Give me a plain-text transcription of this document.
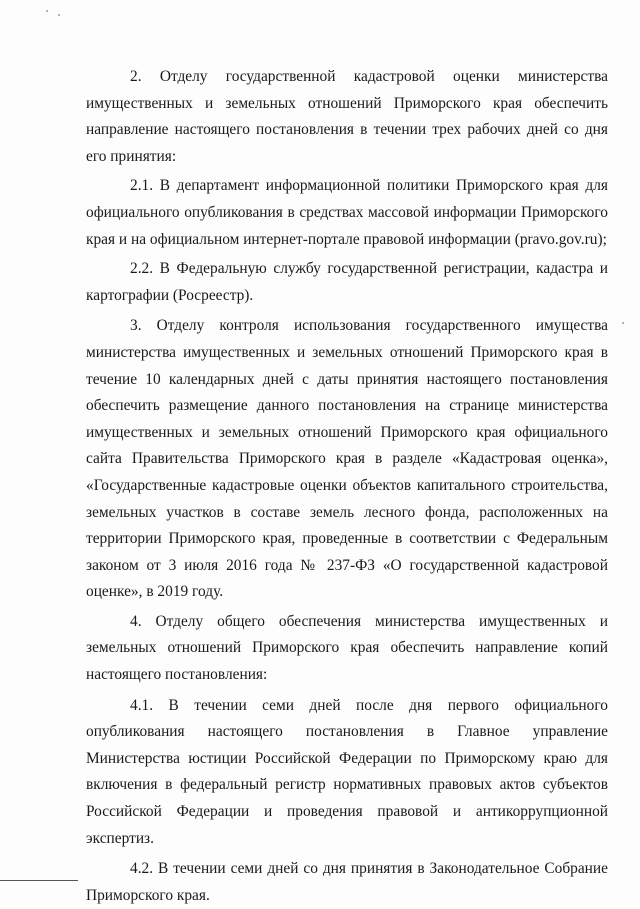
2. Отделу государственной кадастровой оценки министерства имущественных и земельных отношений Приморского края обеспечить направление настоящего постановления в течении трех рабочих дней со дня его принятия:

2.1. В департамент информационной политики Приморского края для официального опубликования в средствах массовой информации Приморского края и на официальном интернет-портале правовой информации (pravo.gov.ru);

2.2. В Федеральную службу государственной регистрации, кадастра и картографии (Росреестр).

3. Отделу контроля использования государственного имущества министерства имущественных и земельных отношений Приморского края в течение 10 календарных дней с даты принятия настоящего постановления обеспечить размещение данного постановления на странице министерства имущественных и земельных отношений Приморского края официального сайта Правительства Приморского края в разделе «Кадастровая оценка», «Государственные кадастровые оценки объектов капитального строительства, земельных участков в составе земель лесного фонда, расположенных на территории Приморского края, проведенные в соответствии с Федеральным законом от 3 июля 2016 года № 237-ФЗ «О государственной кадастровой оценке», в 2019 году.

4. Отделу общего обеспечения министерства имущественных и земельных отношений Приморского края обеспечить направление копий настоящего постановления:

4.1. В течении семи дней после дня первого официального опубликования настоящего постановления в Главное управление Министерства юстиции Российской Федерации по Приморскому краю для включения в федеральный регистр нормативных правовых актов субъектов Российской Федерации и проведения правовой и антикоррупционной экспертиз.

4.2. В течении семи дней со дня принятия в Законодательное Собрание Приморского края.
